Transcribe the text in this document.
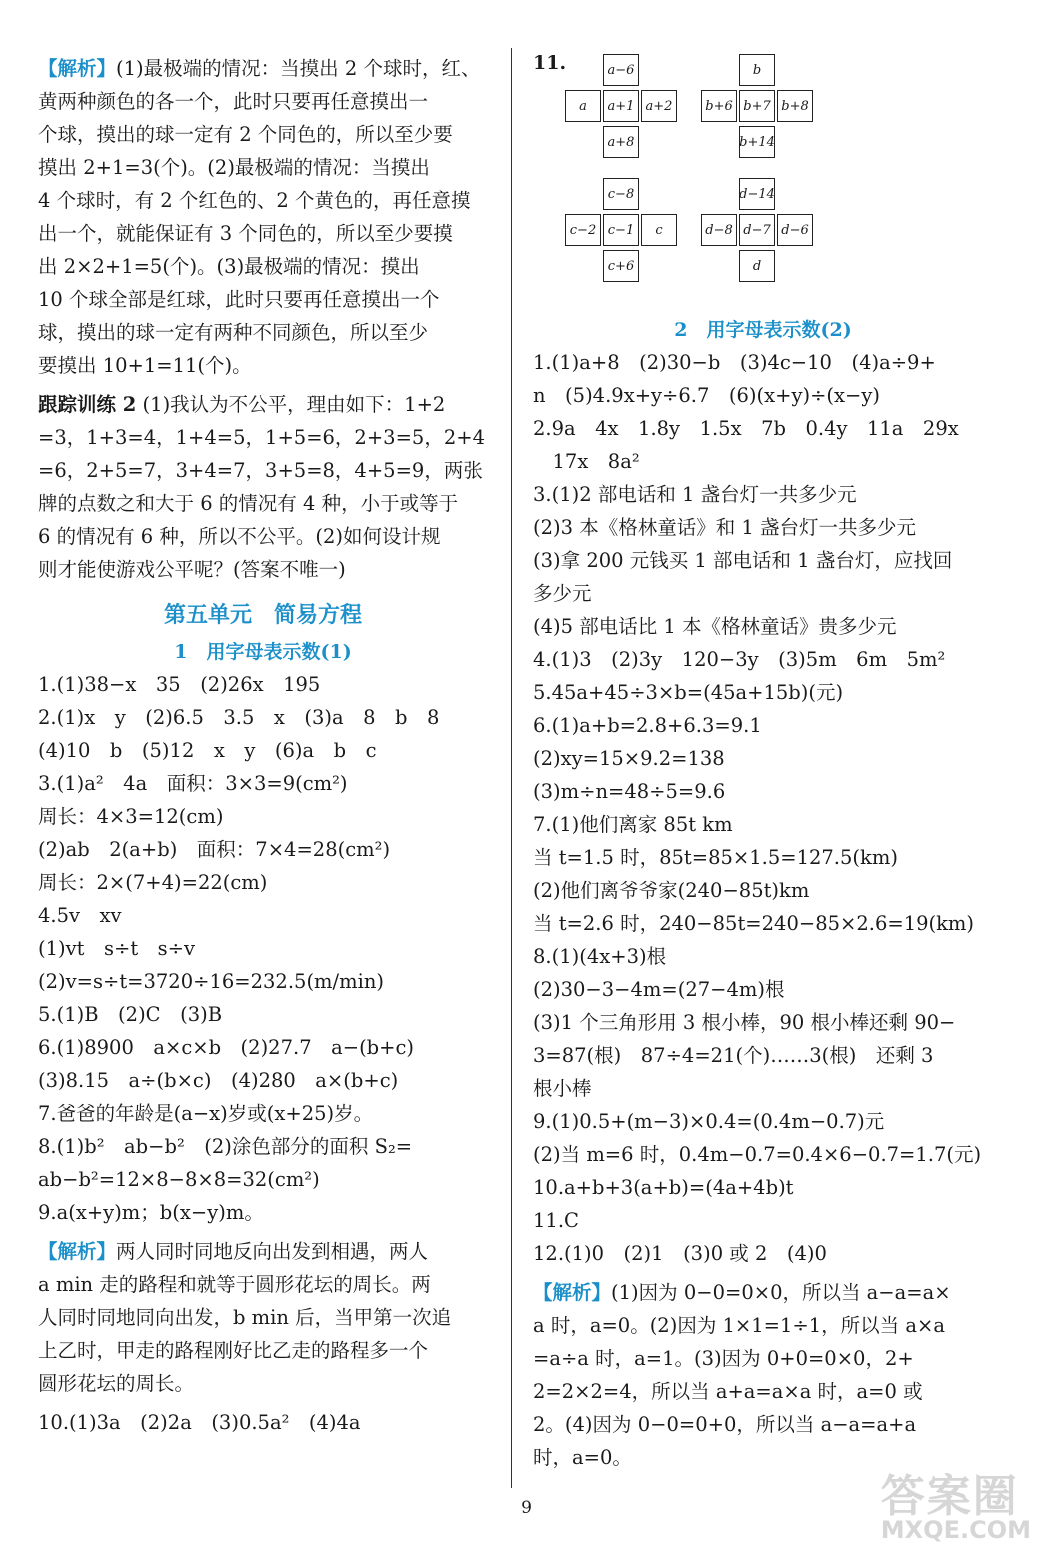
【解析】(1)最极端的情况：当摸出 2 个球时，红、
黄两种颜色的各一个，此时只要再任意摸出一
个球，摸出的球一定有 2 个同色的，所以至少要
摸出 2+1=3(个)。(2)最极端的情况：当摸出
4 个球时，有 2 个红色的、2 个黄色的，再任意摸
出一个，就能保证有 3 个同色的，所以至少要摸
出 2×2+1=5(个)。(3)最极端的情况：摸出
10 个球全部是红球，此时只要再任意摸出一个
球，摸出的球一定有两种不同颜色，所以至少
要摸出 10+1=11(个)。
跟踪训练 2 (1)我认为不公平，理由如下：1+2
=3，1+3=4，1+4=5，1+5=6，2+3=5，2+4
=6，2+5=7，3+4=7，3+5=8，4+5=9，两张
牌的点数之和大于 6 的情况有 4 种，小于或等于
6 的情况有 6 种，所以不公平。(2)如何设计规
则才能使游戏公平呢？(答案不唯一)
第五单元　简易方程
1　用字母表示数(1)
1.(1)38−x　35　(2)26x　195
2.(1)x　y　(2)6.5　3.5　x　(3)a　8　b　8
(4)10　b　(5)12　x　y　(6)a　b　c
3.(1)a²　4a　面积：3×3=9(cm²)
周长：4×3=12(cm)
(2)ab　2(a+b)　面积：7×4=28(cm²)
周长：2×(7+4)=22(cm)
4.5v　xv
(1)vt　s÷t　s÷v
(2)v=s÷t=3720÷16=232.5(m/min)
5.(1)B　(2)C　(3)B
6.(1)8900　a×c×b　(2)27.7　a−(b+c)
(3)8.15　a÷(b×c)　(4)280　a×(b+c)
7.爸爸的年龄是(a−x)岁或(x+25)岁。
8.(1)b²　ab−b²　(2)涂色部分的面积 S₂=
ab−b²=12×8−8×8=32(cm²)
9.a(x+y)m；b(x−y)m。
【解析】两人同时同地反向出发到相遇，两人
a min 走的路程和就等于圆形花坛的周长。两
人同时同地同向出发，b min 后，当甲第一次追
上乙时，甲走的路程刚好比乙走的路程多一个
圆形花坛的周长。
10.(1)3a　(2)2a　(3)0.5a²　(4)4a
11.	a−6
a	a+1 a+2
a+8
b
b+6 b+7 b+8
b+14
c−8
c−2 c−1	c
c+6
d−14
d−8 d−7 d−6
d
2　用字母表示数(2)
1.(1)a+8　(2)30−b　(3)4c−10　(4)a÷9+
n　(5)4.9x+y÷6.7　(6)(x+y)÷(x−y)
2.9a　4x　1.8y　1.5x　7b　0.4y　11a　29x
　17x　8a²
3.(1)2 部电话和 1 盏台灯一共多少元
(2)3 本《格林童话》和 1 盏台灯一共多少元
(3)拿 200 元钱买 1 部电话和 1 盏台灯，应找回
多少元
(4)5 部电话比 1 本《格林童话》贵多少元
4.(1)3　(2)3y　120−3y　(3)5m　6m　5m²
5.45a+45÷3×b=(45a+15b)(元)
6.(1)a+b=2.8+6.3=9.1
(2)xy=15×9.2=138
(3)m÷n=48÷5=9.6
7.(1)他们离家 85t km
当 t=1.5 时，85t=85×1.5=127.5(km)
(2)他们离爷爷家(240−85t)km
当 t=2.6 时，240−85t=240−85×2.6=19(km)
8.(1)(4x+3)根
(2)30−3−4m=(27−4m)根
(3)1 个三角形用 3 根小棒，90 根小棒还剩 90−
3=87(根)　87÷4=21(个)……3(根)　还剩 3
根小棒
9.(1)0.5+(m−3)×0.4=(0.4m−0.7)元
(2)当 m=6 时，0.4m−0.7=0.4×6−0.7=1.7(元)
10.a+b+3(a+b)=(4a+4b)t
11.C
12.(1)0　(2)1　(3)0 或 2　(4)0
【解析】(1)因为 0−0=0×0，所以当 a−a=a×
a 时，a=0。(2)因为 1×1=1÷1，所以当 a×a
=a÷a 时，a=1。(3)因为 0+0=0×0，2+
2=2×2=4，所以当 a+a=a×a 时，a=0 或
2。(4)因为 0−0=0+0，所以当 a−a=a+a
时，a=0。
9	答案圈
MXQE.COM
